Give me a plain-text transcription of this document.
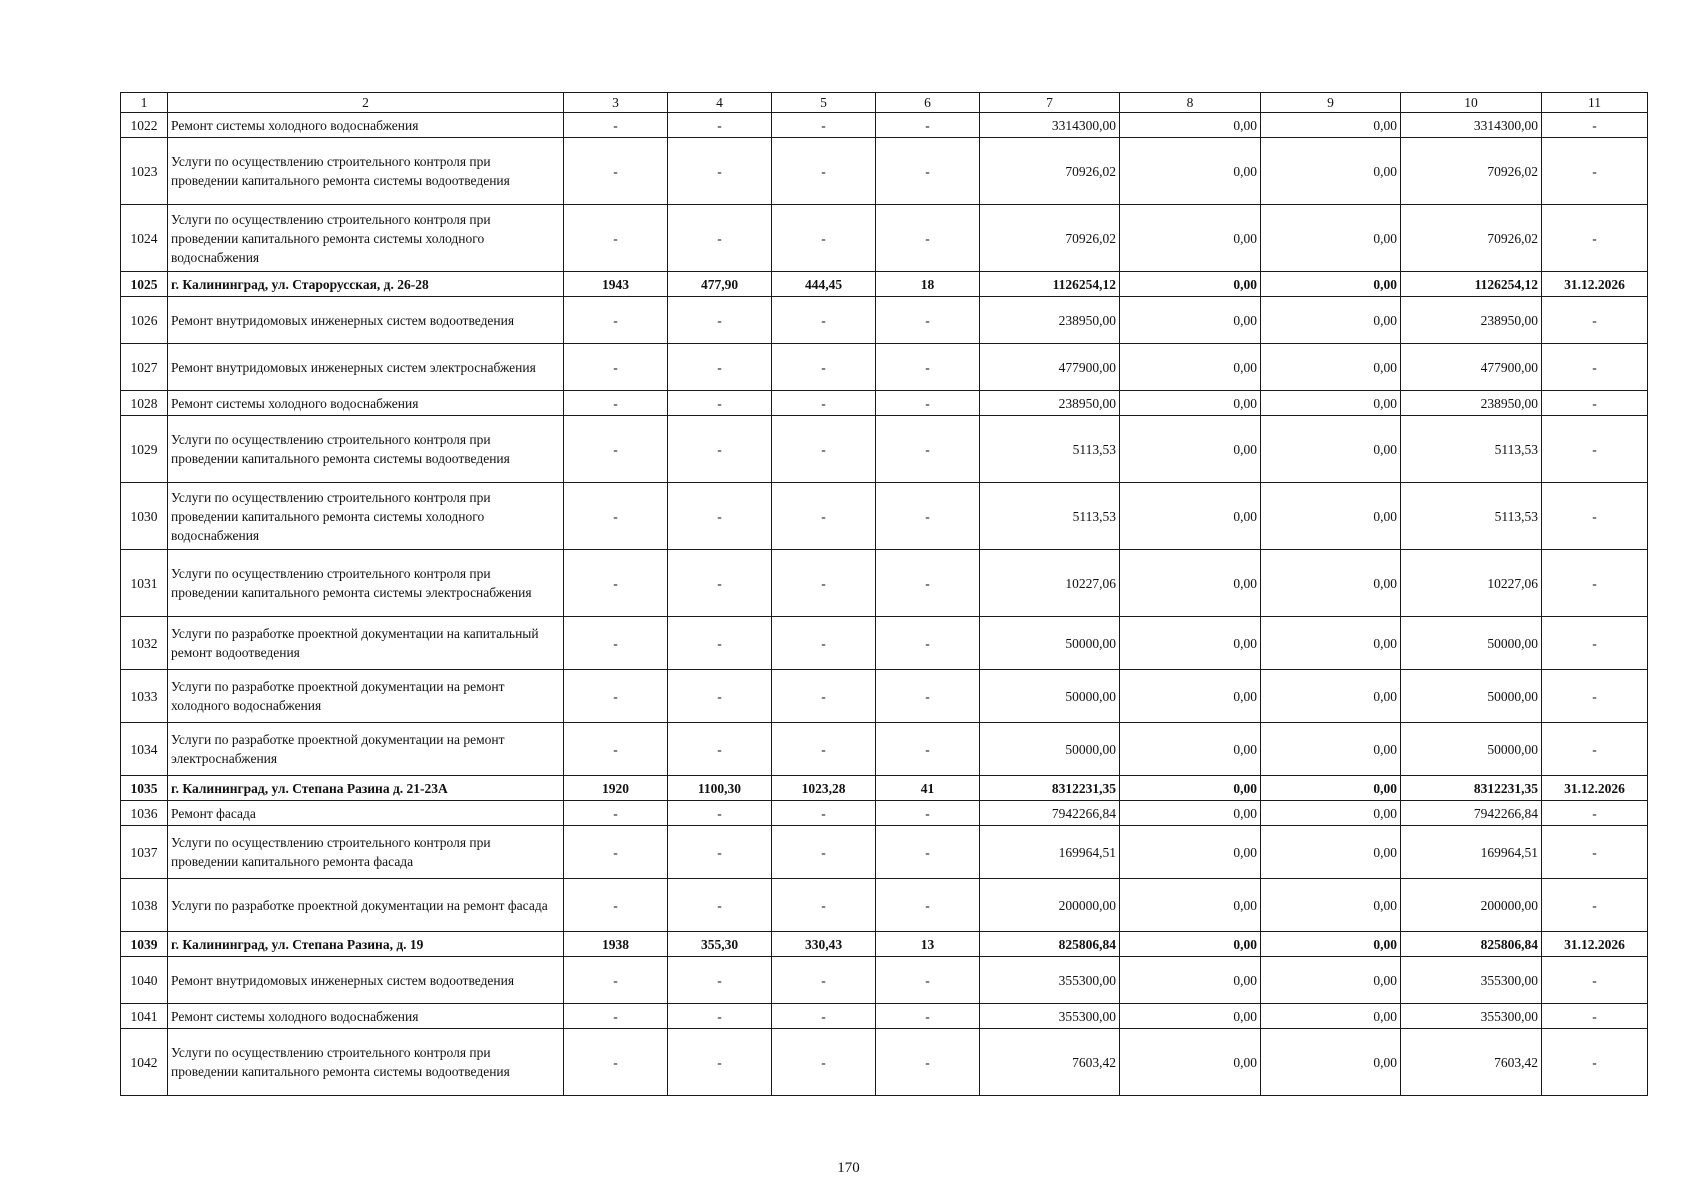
1	2	3	4	5	6	7	8	9	10	11
1022	Ремонт системы холодного водоснабжения	-	-	-	-	3314300,00	0,00	0,00	3314300,00	-
1023	Услуги по осуществлению строительного контроля при проведении капитального ремонта системы водоотведения	-	-	-	-	70926,02	0,00	0,00	70926,02	-
1024	Услуги по осуществлению строительного контроля при проведении капитального ремонта системы холодного водоснабжения	-	-	-	-	70926,02	0,00	0,00	70926,02	-
1025	г. Калининград, ул. Старорусская, д. 26-28	1943	477,90	444,45	18	1126254,12	0,00	0,00	1126254,12	31.12.2026
1026	Ремонт внутридомовых инженерных систем водоотведения	-	-	-	-	238950,00	0,00	0,00	238950,00	-
1027	Ремонт внутридомовых инженерных систем электроснабжения	-	-	-	-	477900,00	0,00	0,00	477900,00	-
1028	Ремонт системы холодного водоснабжения	-	-	-	-	238950,00	0,00	0,00	238950,00	-
1029	Услуги по осуществлению строительного контроля при проведении капитального ремонта системы водоотведения	-	-	-	-	5113,53	0,00	0,00	5113,53	-
1030	Услуги по осуществлению строительного контроля при проведении капитального ремонта системы холодного водоснабжения	-	-	-	-	5113,53	0,00	0,00	5113,53	-
1031	Услуги по осуществлению строительного контроля при проведении капитального ремонта системы электроснабжения	-	-	-	-	10227,06	0,00	0,00	10227,06	-
1032	Услуги по разработке проектной документации на капитальный ремонт водоотведения	-	-	-	-	50000,00	0,00	0,00	50000,00	-
1033	Услуги по разработке проектной документации на ремонт холодного водоснабжения	-	-	-	-	50000,00	0,00	0,00	50000,00	-
1034	Услуги по разработке проектной документации на ремонт электроснабжения	-	-	-	-	50000,00	0,00	0,00	50000,00	-
1035	г. Калининград, ул. Степана Разина д. 21-23А	1920	1100,30	1023,28	41	8312231,35	0,00	0,00	8312231,35	31.12.2026
1036	Ремонт фасада	-	-	-	-	7942266,84	0,00	0,00	7942266,84	-
1037	Услуги по осуществлению строительного контроля при проведении капитального ремонта фасада	-	-	-	-	169964,51	0,00	0,00	169964,51	-
1038	Услуги по разработке проектной документации на ремонт фасада	-	-	-	-	200000,00	0,00	0,00	200000,00	-
1039	г. Калининград, ул. Степана Разина, д. 19	1938	355,30	330,43	13	825806,84	0,00	0,00	825806,84	31.12.2026
1040	Ремонт внутридомовых инженерных систем водоотведения	-	-	-	-	355300,00	0,00	0,00	355300,00	-
1041	Ремонт системы холодного водоснабжения	-	-	-	-	355300,00	0,00	0,00	355300,00	-
1042	Услуги по осуществлению строительного контроля при проведении капитального ремонта системы водоотведения	-	-	-	-	7603,42	0,00	0,00	7603,42	-
170
